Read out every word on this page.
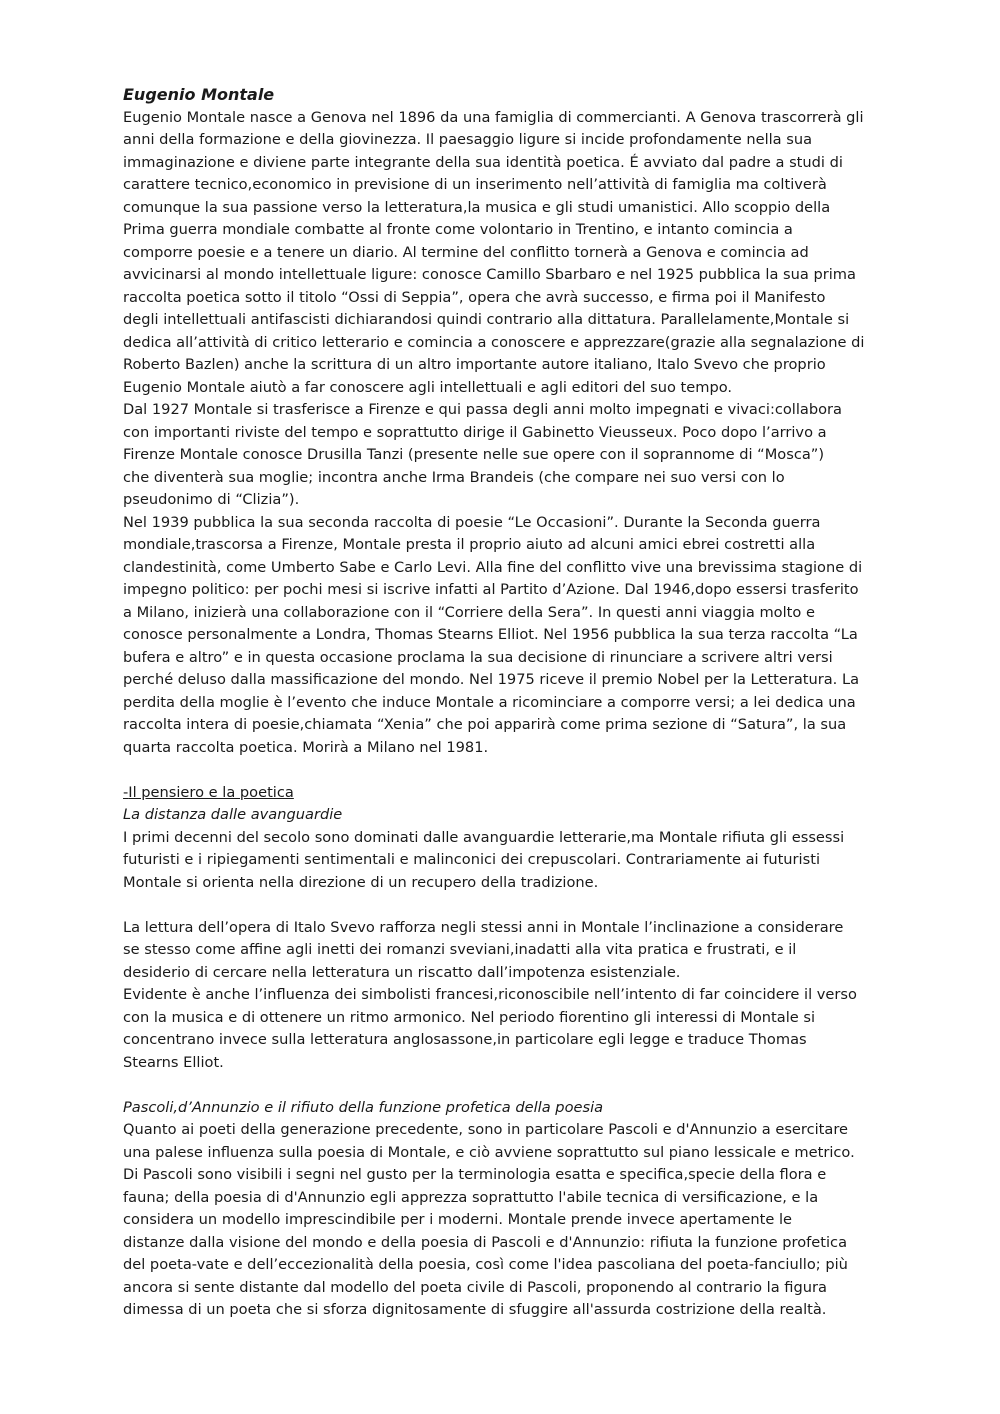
Eugenio Montale

Eugenio Montale nasce a Genova nel 1896 da una famiglia di commercianti. A Genova trascorrerà gli
anni della formazione e della giovinezza. Il paesaggio ligure si incide profondamente nella sua
immaginazione e diviene parte integrante della sua identità poetica. É avviato dal padre a studi di
carattere tecnico,economico in previsione di un inserimento nell’attività di famiglia ma coltiverà
comunque la sua passione verso la letteratura,la musica e gli studi umanistici. Allo scoppio della
Prima guerra mondiale combatte al fronte come volontario in Trentino, e intanto comincia a
comporre poesie e a tenere un diario. Al termine del conflitto tornerà a Genova e comincia ad
avvicinarsi al mondo intellettuale ligure: conosce Camillo Sbarbaro e nel 1925 pubblica la sua prima
raccolta poetica sotto il titolo “Ossi di Seppia”, opera che avrà successo, e firma poi il Manifesto
degli intellettuali antifascisti dichiarandosi quindi contrario alla dittatura. Parallelamente,Montale si
dedica all’attività di critico letterario e comincia a conoscere e apprezzare(grazie alla segnalazione di
Roberto Bazlen) anche la scrittura di un altro importante autore italiano, Italo Svevo che proprio
Eugenio Montale aiutò a far conoscere agli intellettuali e agli editori del suo tempo.

Dal 1927 Montale si trasferisce a Firenze e qui passa degli anni molto impegnati e vivaci:collabora
con importanti riviste del tempo e soprattutto dirige il Gabinetto Vieusseux. Poco dopo l’arrivo a
Firenze Montale conosce Drusilla Tanzi (presente nelle sue opere con il soprannome di “Mosca”)
che diventerà sua moglie; incontra anche Irma Brandeis (che compare nei suo versi con lo
pseudonimo di “Clizia”).

Nel 1939 pubblica la sua seconda raccolta di poesie “Le Occasioni”. Durante la Seconda guerra
mondiale,trascorsa a Firenze, Montale presta il proprio aiuto ad alcuni amici ebrei costretti alla
clandestinità, come Umberto Sabe e Carlo Levi. Alla fine del conflitto vive una brevissima stagione di
impegno politico: per pochi mesi si iscrive infatti al Partito d’Azione. Dal 1946,dopo essersi trasferito
a Milano, inizierà una collaborazione con il “Corriere della Sera”. In questi anni viaggia molto e
conosce personalmente a Londra, Thomas Stearns Elliot. Nel 1956 pubblica la sua terza raccolta “La
bufera e altro” e in questa occasione proclama la sua decisione di rinunciare a scrivere altri versi
perché deluso dalla massificazione del mondo. Nel 1975 riceve il premio Nobel per la Letteratura. La
perdita della moglie è l’evento che induce Montale a ricominciare a comporre versi; a lei dedica una
raccolta intera di poesie,chiamata “Xenia” che poi apparirà come prima sezione di “Satura”, la sua
quarta raccolta poetica. Morirà a Milano nel 1981.

-Il pensiero e la poetica

La distanza dalle avanguardie

I primi decenni del secolo sono dominati dalle avanguardie letterarie,ma Montale rifiuta gli essessi
futuristi e i ripiegamenti sentimentali e malinconici dei crepuscolari. Contrariamente ai futuristi
Montale si orienta nella direzione di un recupero della tradizione.

La lettura dell’opera di Italo Svevo rafforza negli stessi anni in Montale l’inclinazione a considerare
se stesso come affine agli inetti dei romanzi sveviani,inadatti alla vita pratica e frustrati, e il
desiderio di cercare nella letteratura un riscatto dall’impotenza esistenziale.

Evidente è anche l’influenza dei simbolisti francesi,riconoscibile nell’intento di far coincidere il verso
con la musica e di ottenere un ritmo armonico. Nel periodo fiorentino gli interessi di Montale si
concentrano invece sulla letteratura anglosassone,in particolare egli legge e traduce Thomas
Stearns Elliot.

Pascoli,d’Annunzio e il rifiuto della funzione profetica della poesia

Quanto ai poeti della generazione precedente, sono in particolare Pascoli e d'Annunzio a esercitare
una palese influenza sulla poesia di Montale, e ciò avviene soprattutto sul piano lessicale e metrico.
Di Pascoli sono visibili i segni nel gusto per la terminologia esatta e specifica,specie della flora e
fauna; della poesia di d'Annunzio egli apprezza soprattutto l'abile tecnica di versificazione, e la
considera un modello imprescindibile per i moderni. Montale prende invece apertamente le
distanze dalla visione del mondo e della poesia di Pascoli e d'Annunzio: rifiuta la funzione profetica
del poeta-vate e dell’eccezionalità della poesia, così come l'idea pascoliana del poeta-fanciullo; più
ancora si sente distante dal modello del poeta civile di Pascoli, proponendo al contrario la figura
dimessa di un poeta che si sforza dignitosamente di sfuggire all'assurda costrizione della realtà.
